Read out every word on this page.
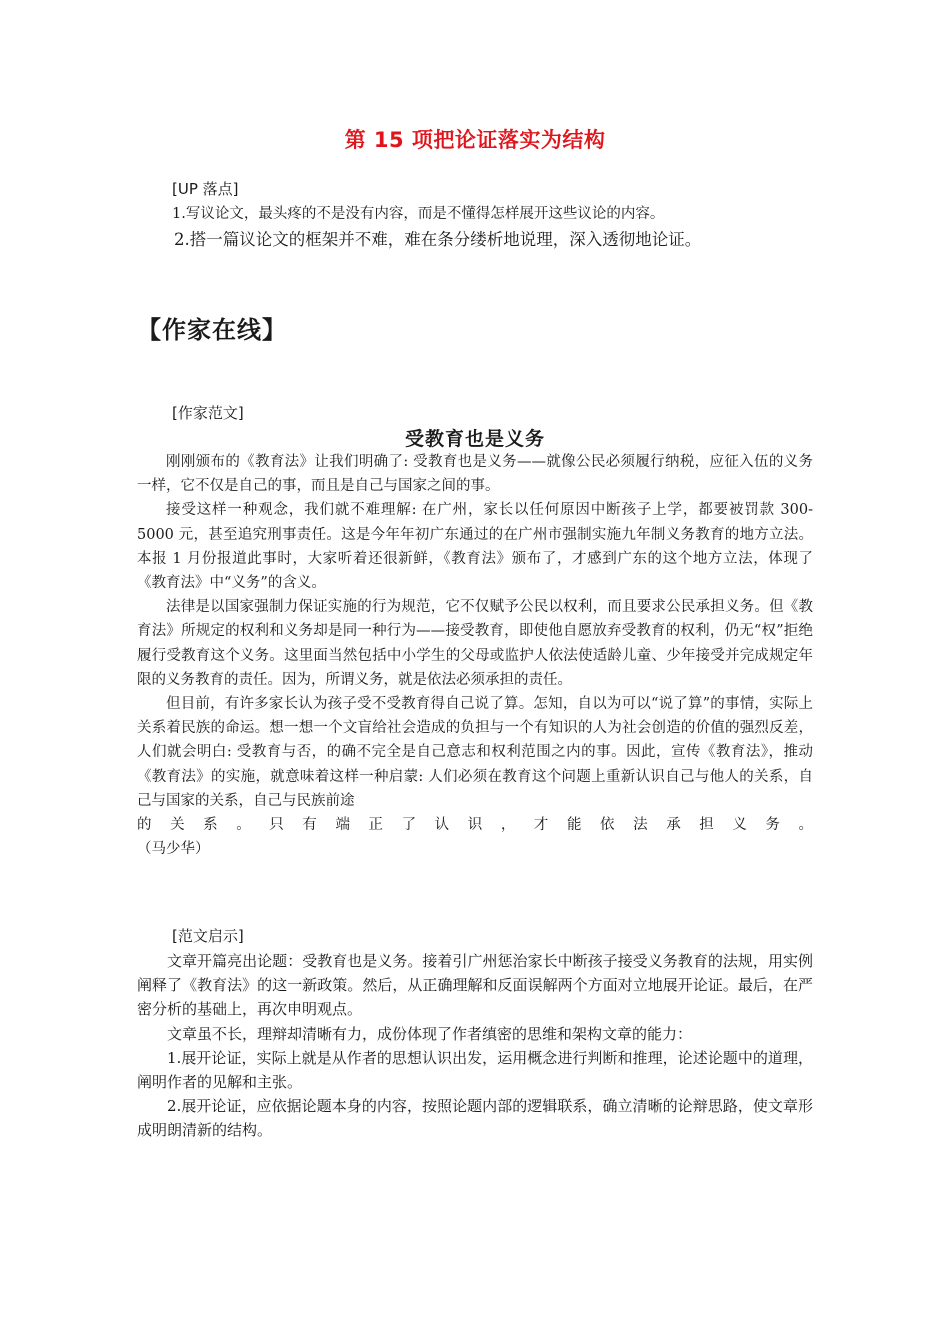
第 15 项把论证落实为结构
[UP 落点]
1.写议论文，最头疼的不是没有内容，而是不懂得怎样展开这些议论的内容。
2.搭一篇议论文的框架并不难，难在条分缕析地说理，深入透彻地论证。
【作家在线】
[作家范文]
受教育也是义务

刚刚颁布的《教育法》让我们明确了: 受教育也是义务——就像公民必须履行纳税，应征入伍的义务一样，它不仅是自己的事，而且是自己与国家之间的事。

接受这样一种观念，我们就不难理解: 在广州，家长以任何原因中断孩子上学，都要被罚款 300-5000 元，甚至追究刑事责任。这是今年年初广东通过的在广州市强制实施九年制义务教育的地方立法。本报 1 月份报道此事时，大家听着还很新鲜，《教育法》颁布了，才感到广东的这个地方立法，体现了《教育法》中“义务”的含义。

法律是以国家强制力保证实施的行为规范，它不仅赋予公民以权利，而且要求公民承担义务。但《教育法》所规定的权利和义务却是同一种行为——接受教育，即使他自愿放弃受教育的权利，仍无“权”拒绝履行受教育这个义务。这里面当然包括中小学生的父母或监护人依法使适龄儿童、少年接受并完成规定年限的义务教育的责任。因为，所谓义务，就是依法必须承担的责任。

但目前，有许多家长认为孩子受不受教育得自己说了算。怎知，自以为可以“说了算”的事情，实际上关系着民族的命运。想一想一个文盲给社会造成的负担与一个有知识的人为社会创造的价值的强烈反差，人们就会明白: 受教育与否，的确不完全是自己意志和权利范围之内的事。因此，宣传《教育法》，推动《教育法》的实施，就意味着这样一种启蒙: 人们必须在教育这个问题上重新认识自己与他人的关系，自己与国家的关系，自己与民族前途

的关系。只有端正了认识，才能依法承担义务。

（马少华）

[范文启示]

文章开篇亮出论题：受教育也是义务。接着引广州惩治家长中断孩子接受义务教育的法规，用实例阐释了《教育法》的这一新政策。然后，从正确理解和反面误解两个方面对立地展开论证。最后，在严密分析的基础上，再次申明观点。

文章虽不长，理辩却清晰有力，成份体现了作者缜密的思维和架构文章的能力：

1.展开论证，实际上就是从作者的思想认识出发，运用概念进行判断和推理，论述论题中的道理，阐明作者的见解和主张。

2.展开论证，应依据论题本身的内容，按照论题内部的逻辑联系，确立清晰的论辩思路，使文章形成明朗清新的结构。
